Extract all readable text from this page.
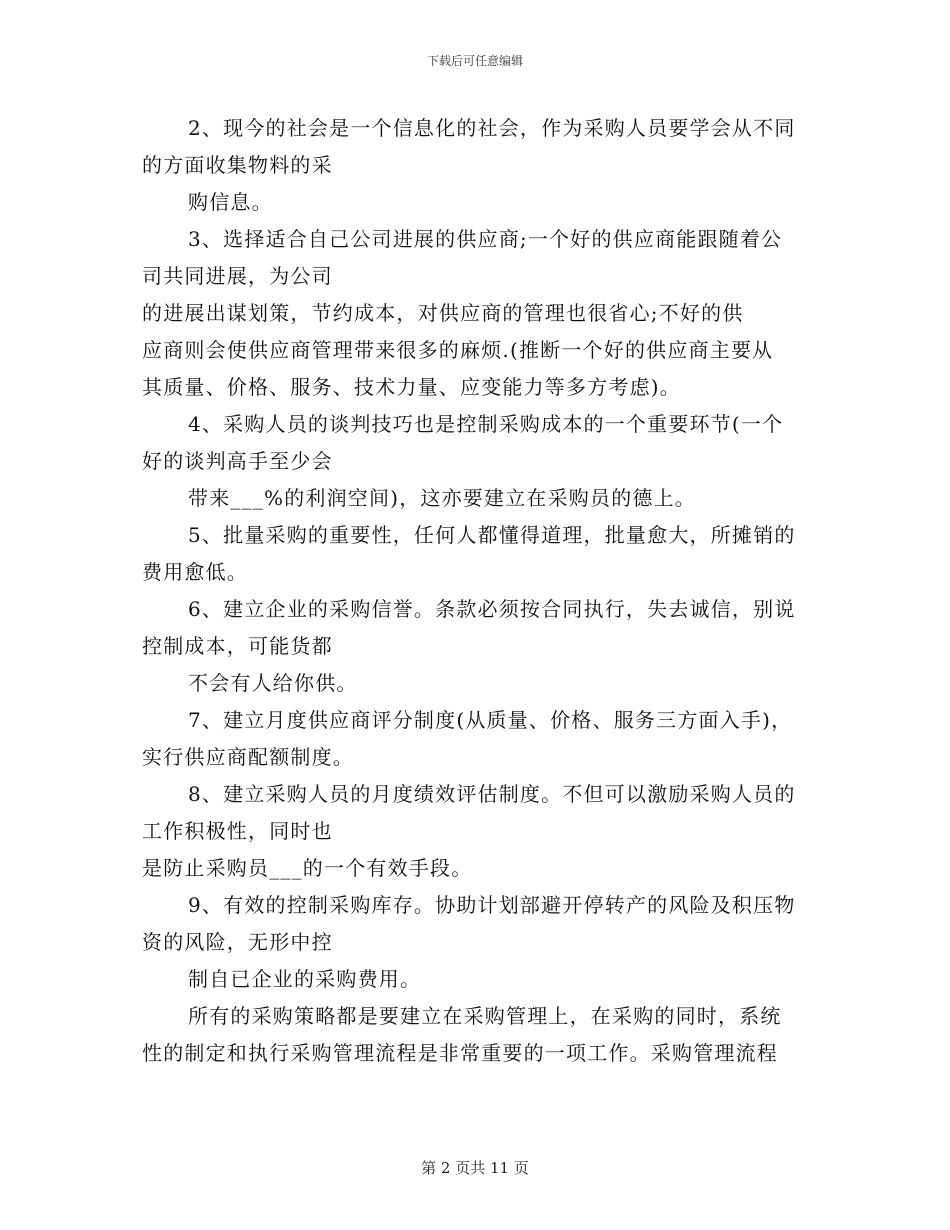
下载后可任意编辑
2、现今的社会是一个信息化的社会，作为采购人员要学会从不同
的方面收集物料的采
购信息。
3、选择适合自己公司进展的供应商;一个好的供应商能跟随着公
司共同进展，为公司
的进展出谋划策，节约成本，对供应商的管理也很省心;不好的供
应商则会使供应商管理带来很多的麻烦.(推断一个好的供应商主要从
其质量、价格、服务、技术力量、应变能力等多方考虑)。
4、采购人员的谈判技巧也是控制采购成本的一个重要环节(一个
好的谈判高手至少会
带来___%的利润空间)，这亦要建立在采购员的德上。
5、批量采购的重要性，任何人都懂得道理，批量愈大，所摊销的
费用愈低。
6、建立企业的采购信誉。条款必须按合同执行，失去诚信，别说
控制成本，可能货都
不会有人给你供。
7、建立月度供应商评分制度(从质量、价格、服务三方面入手)，
实行供应商配额制度。
8、建立采购人员的月度绩效评估制度。不但可以激励采购人员的
工作积极性，同时也
是防止采购员___的一个有效手段。
9、有效的控制采购库存。协助计划部避开停转产的风险及积压物
资的风险，无形中控
制自已企业的采购费用。
所有的采购策略都是要建立在采购管理上，在采购的同时，系统
性的制定和执行采购管理流程是非常重要的一项工作。采购管理流程
第 2 页共 11 页
